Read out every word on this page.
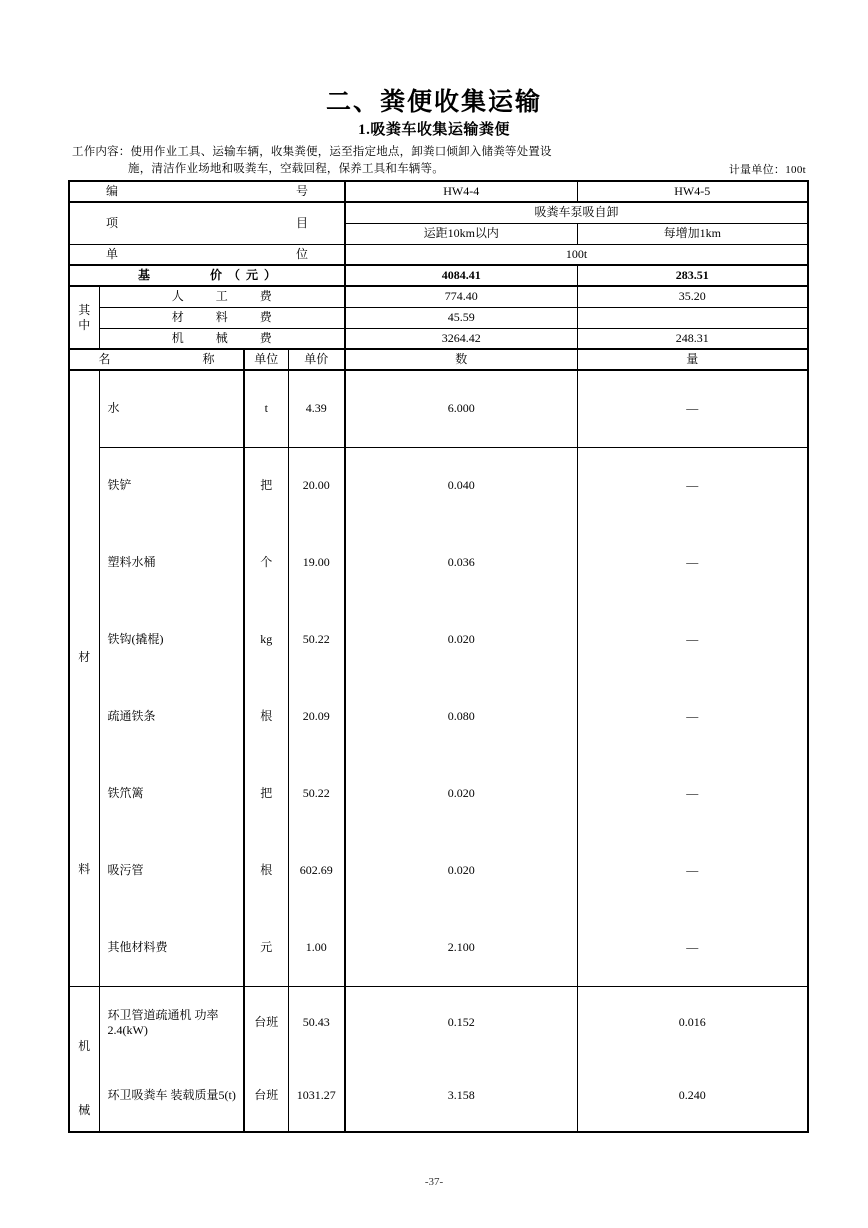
二、粪便收集运输
1.吸粪车收集运输粪便
工作内容：使用作业工具、运输车辆，收集粪便，运至指定地点，卸粪口倾卸入储粪等处置设
施，清洁作业场地和吸粪车，空载回程，保养工具和车辆等。	计量单位：100t
编　　　　号				HW4-4	HW4-5
项　　　　目				吸粪车泵吸自卸	
				运距10km以内	每增加1km
单　　　　位				100t	
基　　　价（元）				4084.41	283.51

其
中	人　工　费			774.40	35.20
	材　料　费			45.59	
	机　械　费			3264.42	248.31
名　　　称		单位	单价	数	量

材
料	水	t	4.39	6.000	—
	铁铲	把	20.00	0.040	—
	塑料水桶	个	19.00	0.036	—
	铁钩(撬棍)	kg	50.22	0.020	—
	疏通铁条	根	20.09	0.080	—
	铁笊篱	把	50.22	0.020	—
	吸污管	根	602.69	0.020	—
	其他材料费	元	1.00	2.100	—

机
械	环卫管道疏通机 功率2.4(kW)	台班	50.43	0.152	0.016
	环卫吸粪车 装载质量5(t)	台班	1031.27	3.158	0.240
-37-
